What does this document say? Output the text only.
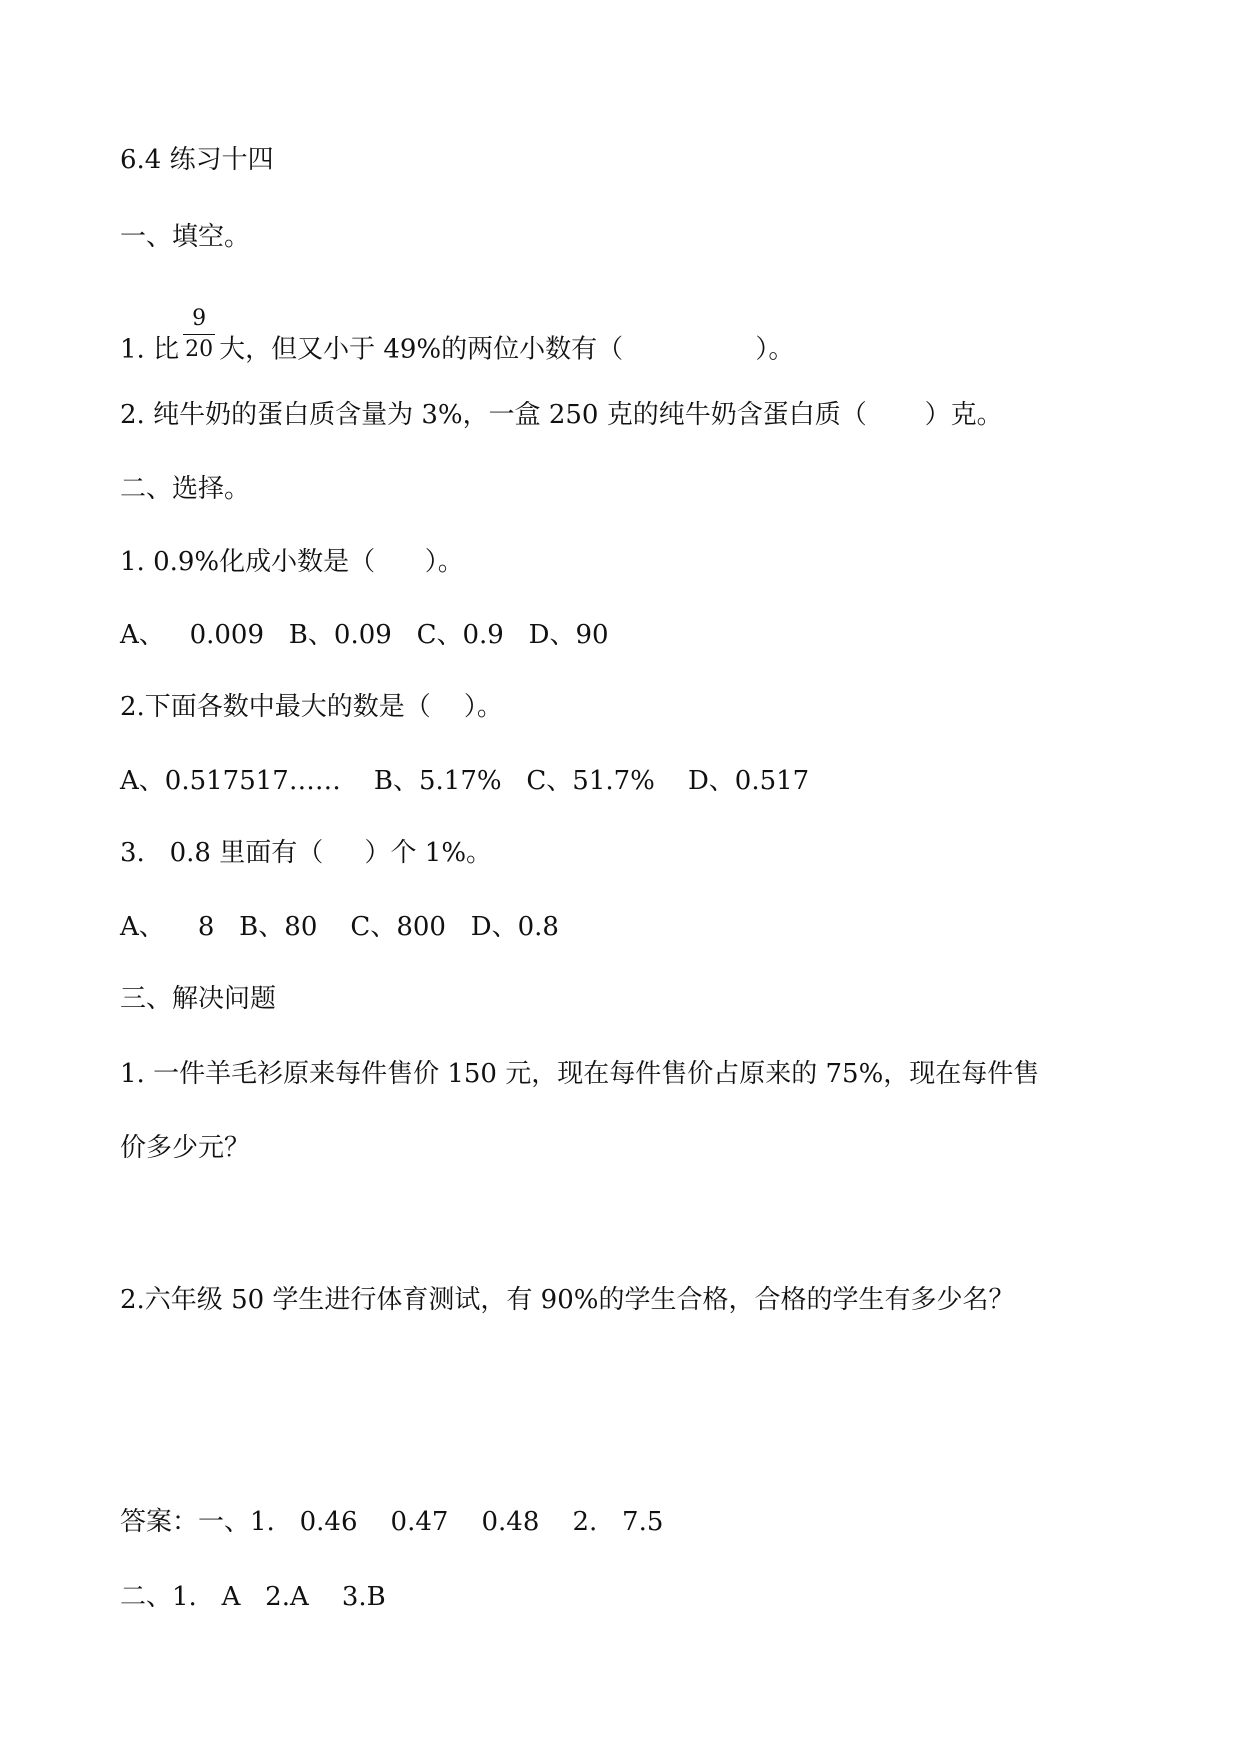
6.4 练习十四
一、填空。
1. 比 $\frac{9}{20}$ 大，但又小于 49%的两位小数有（                ）。
2. 纯牛奶的蛋白质含量为 3%，一盒 250 克的纯牛奶含蛋白质（       ）克。
二、选择。
1. 0.9%化成小数是（      ）。
A、   0.009   B、0.09   C、0.9   D、90
2.下面各数中最大的数是（    ）。
A、0.517517……    B、5.17%   C、51.7%    D、0.517
3.   0.8 里面有（     ）个 1%。
A、    8   B、80    C、800   D、0.8
三、解决问题
1. 一件羊毛衫原来每件售价 150 元，现在每件售价占原来的 75%，现在每件售
价多少元？
2.六年级 50 学生进行体育测试，有 90%的学生合格，合格的学生有多少名？
答案：一、1.   0.46    0.47    0.48    2.   7.5
二、1.   A   2.A    3.B
